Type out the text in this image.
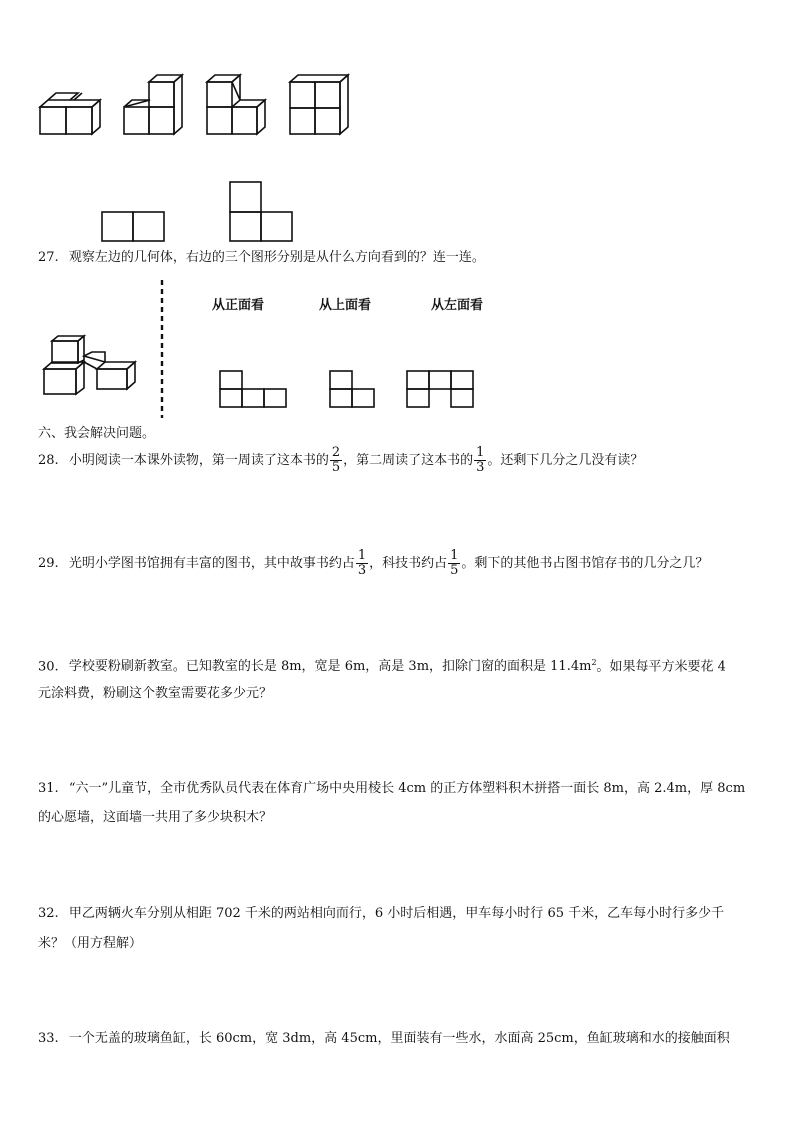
27. 观察左边的几何体，右边的三个图形分别是从什么方向看到的？连一连。
从正面看	从上面看	从左面看
六、我会解决问题。
28. 小明阅读一本课外读物，第一周读了这本书的 $\frac{2}{5}$ ，第二周读了这本书的 $\frac{1}{3}$ 。还剩下几分之几没有读？
29. 光明小学图书馆拥有丰富的图书，其中故事书约占 $\frac{1}{3}$ ，科技书约占 $\frac{1}{5}$ 。剩下的其他书占图书馆存书的几分之几？
30. 学校要粉刷新教室。已知教室的长是 8m，宽是 6m，高是 3m，扣除门窗的面积是 $11.4m^2$。如果每平方米要花 4
元涂料费，粉刷这个教室需要花多少元？
31. “六一”儿童节，全市优秀队员代表在体育广场中央用棱长 4cm 的正方体塑料积木拼搭一面长 8m，高 2.4m，厚 8cm
的心愿墙，这面墙一共用了多少块积木？
32. 甲乙两辆火车分别从相距 702 千米的两站相向而行，6 小时后相遇，甲车每小时行 65 千米，乙车每小时行多少千
米？（用方程解）
33. 一个无盖的玻璃鱼缸，长 60cm，宽 3dm，高 45cm，里面装有一些水，水面高 25cm，鱼缸玻璃和水的接触面积
